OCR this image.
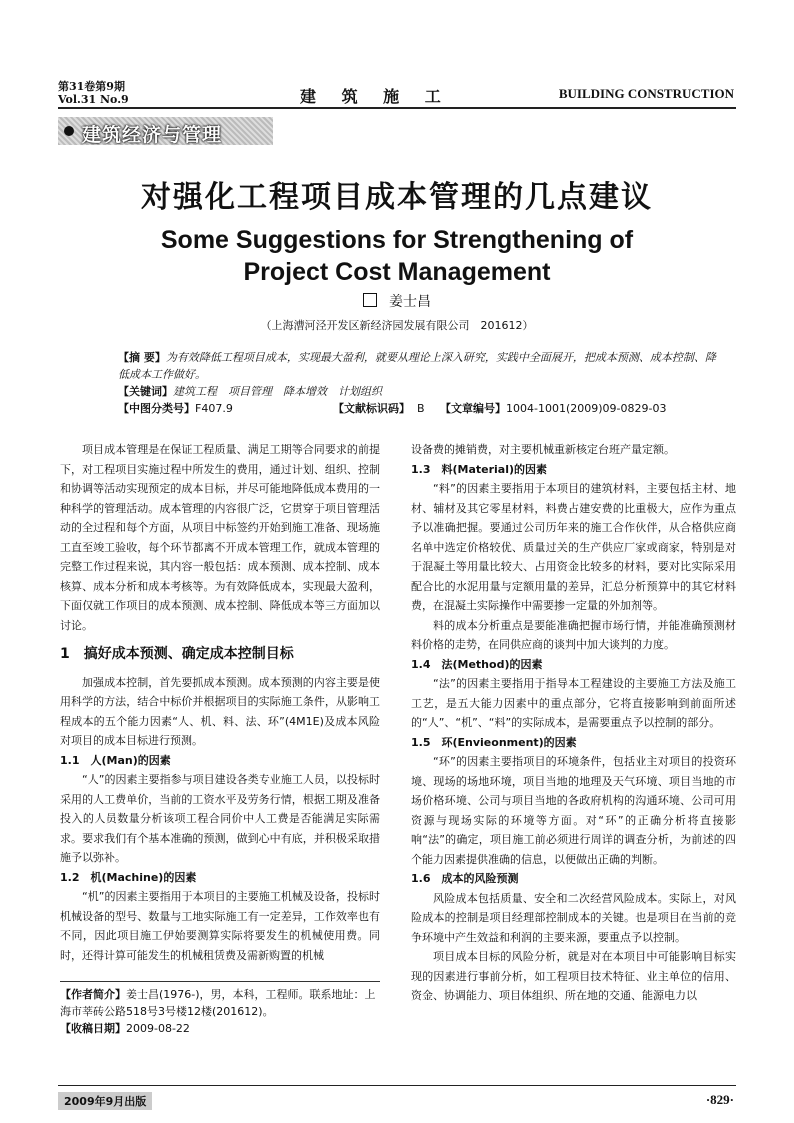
第31卷第9期
Vol.31 No.9	建 筑 施 工	BUILDING CONSTRUCTION
建筑经济与管理
对强化工程项目成本管理的几点建议
Some Suggestions for Strengthening of
Project Cost Management
姜士昌
（上海漕河泾开发区新经济园发展有限公司　201612）
【摘 要】为有效降低工程项目成本，实现最大盈利，就要从理论上深入研究，实践中全面展开，把成本预测、成本控制、降低成本工作做好。
【关键词】建筑工程　项目管理　降本增效　计划组织
【中图分类号】F407.9	【文献标识码】 B 【文章编号】1004-1001(2009)09-0829-03

项目成本管理是在保证工程质量、满足工期等合同要求的前提下，对工程项目实施过程中所发生的费用，通过计划、组织、控制和协调等活动实现预定的成本目标，并尽可能地降低成本费用的一种科学的管理活动。成本管理的内容很广泛，它贯穿于项目管理活动的全过程和每个方面，从项目中标签约开始到施工准备、现场施工直至竣工验收，每个环节都离不开成本管理工作，就成本管理的完整工作过程来说，其内容一般包括：成本预测、成本控制、成本核算、成本分析和成本考核等。为有效降低成本，实现最大盈利，下面仅就工作项目的成本预测、成本控制、降低成本等三方面加以讨论。

1　搞好成本预测、确定成本控制目标

加强成本控制，首先要抓成本预测。成本预测的内容主要是使用科学的方法，结合中标价并根据项目的实际施工条件，从影响工程成本的五个能力因素“人、机、料、法、环”(4M1E)及成本风险对项目的成本目标进行预测。

1.1　人(Man)的因素

“人”的因素主要指参与项目建设各类专业施工人员，以投标时采用的人工费单价，当前的工资水平及劳务行情，根据工期及准备投入的人员数量分析该项工程合同价中人工费是否能满足实际需求。要求我们有个基本准确的预测，做到心中有底，并积极采取措施予以弥补。

1.2　机(Machine)的因素

“机”的因素主要指用于本项目的主要施工机械及设备，投标时机械设备的型号、数量与工地实际施工有一定差异，工作效率也有不同，因此项目施工伊始要测算实际将要发生的机械使用费。同时，还得计算可能发生的机械租赁费及需新购置的机械

设备费的摊销费，对主要机械重新核定台班产量定额。

1.3　料(Material)的因素

“料”的因素主要指用于本项目的建筑材料，主要包括主材、地材、辅材及其它零星材料，料费占建安费的比重极大，应作为重点予以准确把握。要通过公司历年来的施工合作伙伴，从合格供应商名单中选定价格较优、质量过关的生产供应厂家或商家，特别是对于混凝土等用量比较大、占用资金比较多的材料，要对比实际采用配合比的水泥用量与定额用量的差异，汇总分析预算中的其它材料费，在混凝土实际操作中需要掺一定量的外加剂等。

料的成本分析重点是要能准确把握市场行情，并能准确预测材料价格的走势，在同供应商的谈判中加大谈判的力度。

1.4　法(Method)的因素

“法”的因素主要指用于指导本工程建设的主要施工方法及施工工艺，是五大能力因素中的重点部分，它将直接影响到前面所述的“人”、“机”、“料”的实际成本，是需要重点予以控制的部分。

1.5　环(Envieonment)的因素

“环”的因素主要指项目的环境条件，包括业主对项目的投资环境、现场的场地环境，项目当地的地理及天气环境、项目当地的市场价格环境、公司与项目当地的各政府机构的沟通环境、公司可用资源与现场实际的环境等方面。对“环”的正确分析将直接影响“法”的确定，项目施工前必须进行周详的调查分析，为前述的四个能力因素提供准确的信息，以便做出正确的判断。

1.6　成本的风险预测

风险成本包括质量、安全和二次经营风险成本。实际上，对风险成本的控制是项目经理部控制成本的关键。也是项目在当前的竞争环境中产生效益和利润的主要来源，要重点予以控制。

项目成本目标的风险分析，就是对在本项目中可能影响目标实现的因素进行事前分析，如工程项目技术特征、业主单位的信用、资金、协调能力、项目体组织、所在地的交通、能源电力以

【作者简介】姜士昌(1976-)，男，本科，工程师。联系地址：上海市莘砖公路518号3号楼12楼(201612)。
【收稿日期】2009-08-22
2009年9月出版	·829·
